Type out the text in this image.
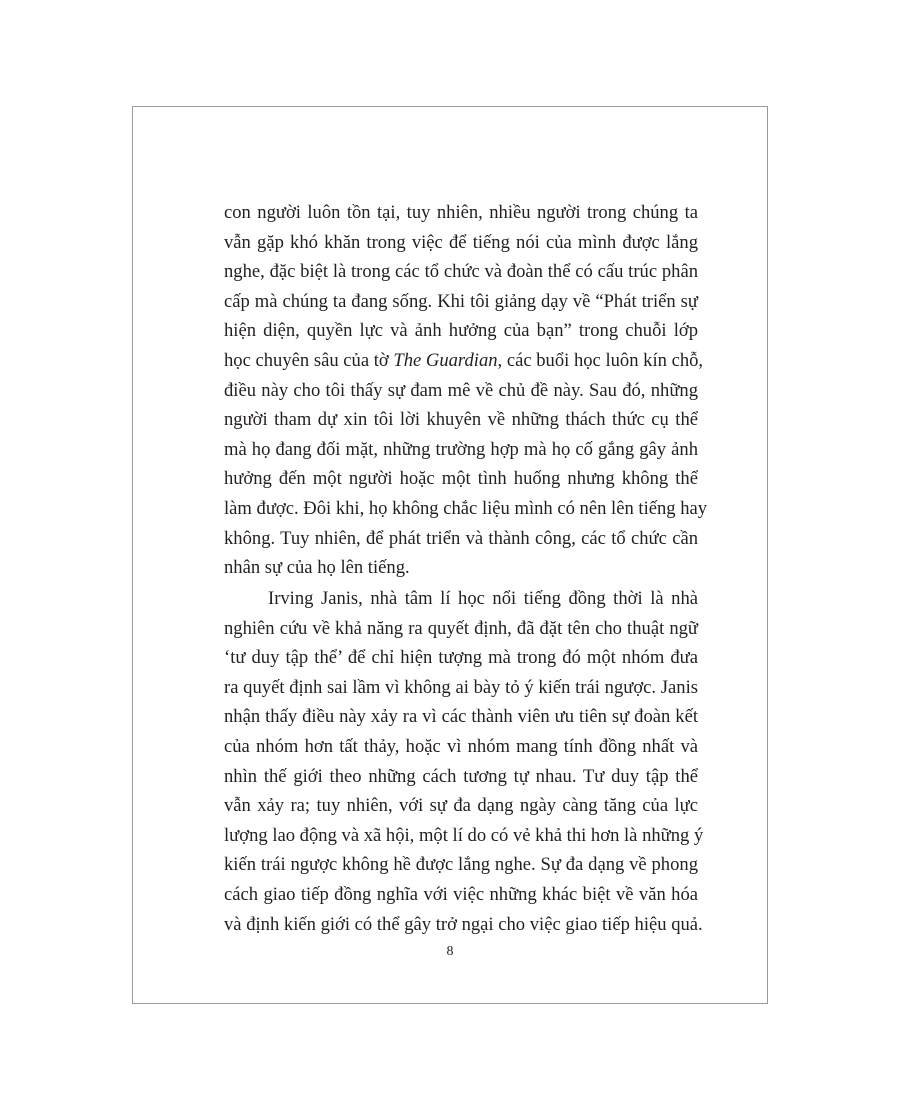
con người luôn tồn tại, tuy nhiên, nhiều người trong chúng ta
vẫn gặp khó khăn trong việc để tiếng nói của mình được lắng
nghe, đặc biệt là trong các tổ chức và đoàn thể có cấu trúc phân
cấp mà chúng ta đang sống. Khi tôi giảng dạy về “Phát triển sự
hiện diện, quyền lực và ảnh hưởng của bạn” trong chuỗi lớp
học chuyên sâu của tờ The Guardian, các buổi học luôn kín chỗ,
điều này cho tôi thấy sự đam mê về chủ đề này. Sau đó, những
người tham dự xin tôi lời khuyên về những thách thức cụ thể
mà họ đang đối mặt, những trường hợp mà họ cố gắng gây ảnh
hưởng đến một người hoặc một tình huống nhưng không thể
làm được. Đôi khi, họ không chắc liệu mình có nên lên tiếng hay
không. Tuy nhiên, để phát triển và thành công, các tổ chức cần
nhân sự của họ lên tiếng.
Irving Janis, nhà tâm lí học nổi tiếng đồng thời là nhà
nghiên cứu về khả năng ra quyết định, đã đặt tên cho thuật ngữ
‘tư duy tập thể’ để chỉ hiện tượng mà trong đó một nhóm đưa
ra quyết định sai lầm vì không ai bày tỏ ý kiến trái ngược. Janis
nhận thấy điều này xảy ra vì các thành viên ưu tiên sự đoàn kết
của nhóm hơn tất thảy, hoặc vì nhóm mang tính đồng nhất và
nhìn thế giới theo những cách tương tự nhau. Tư duy tập thể
vẫn xảy ra; tuy nhiên, với sự đa dạng ngày càng tăng của lực
lượng lao động và xã hội, một lí do có vẻ khả thi hơn là những ý
kiến trái ngược không hề được lắng nghe. Sự đa dạng về phong
cách giao tiếp đồng nghĩa với việc những khác biệt về văn hóa
và định kiến giới có thể gây trở ngại cho việc giao tiếp hiệu quả.
8
